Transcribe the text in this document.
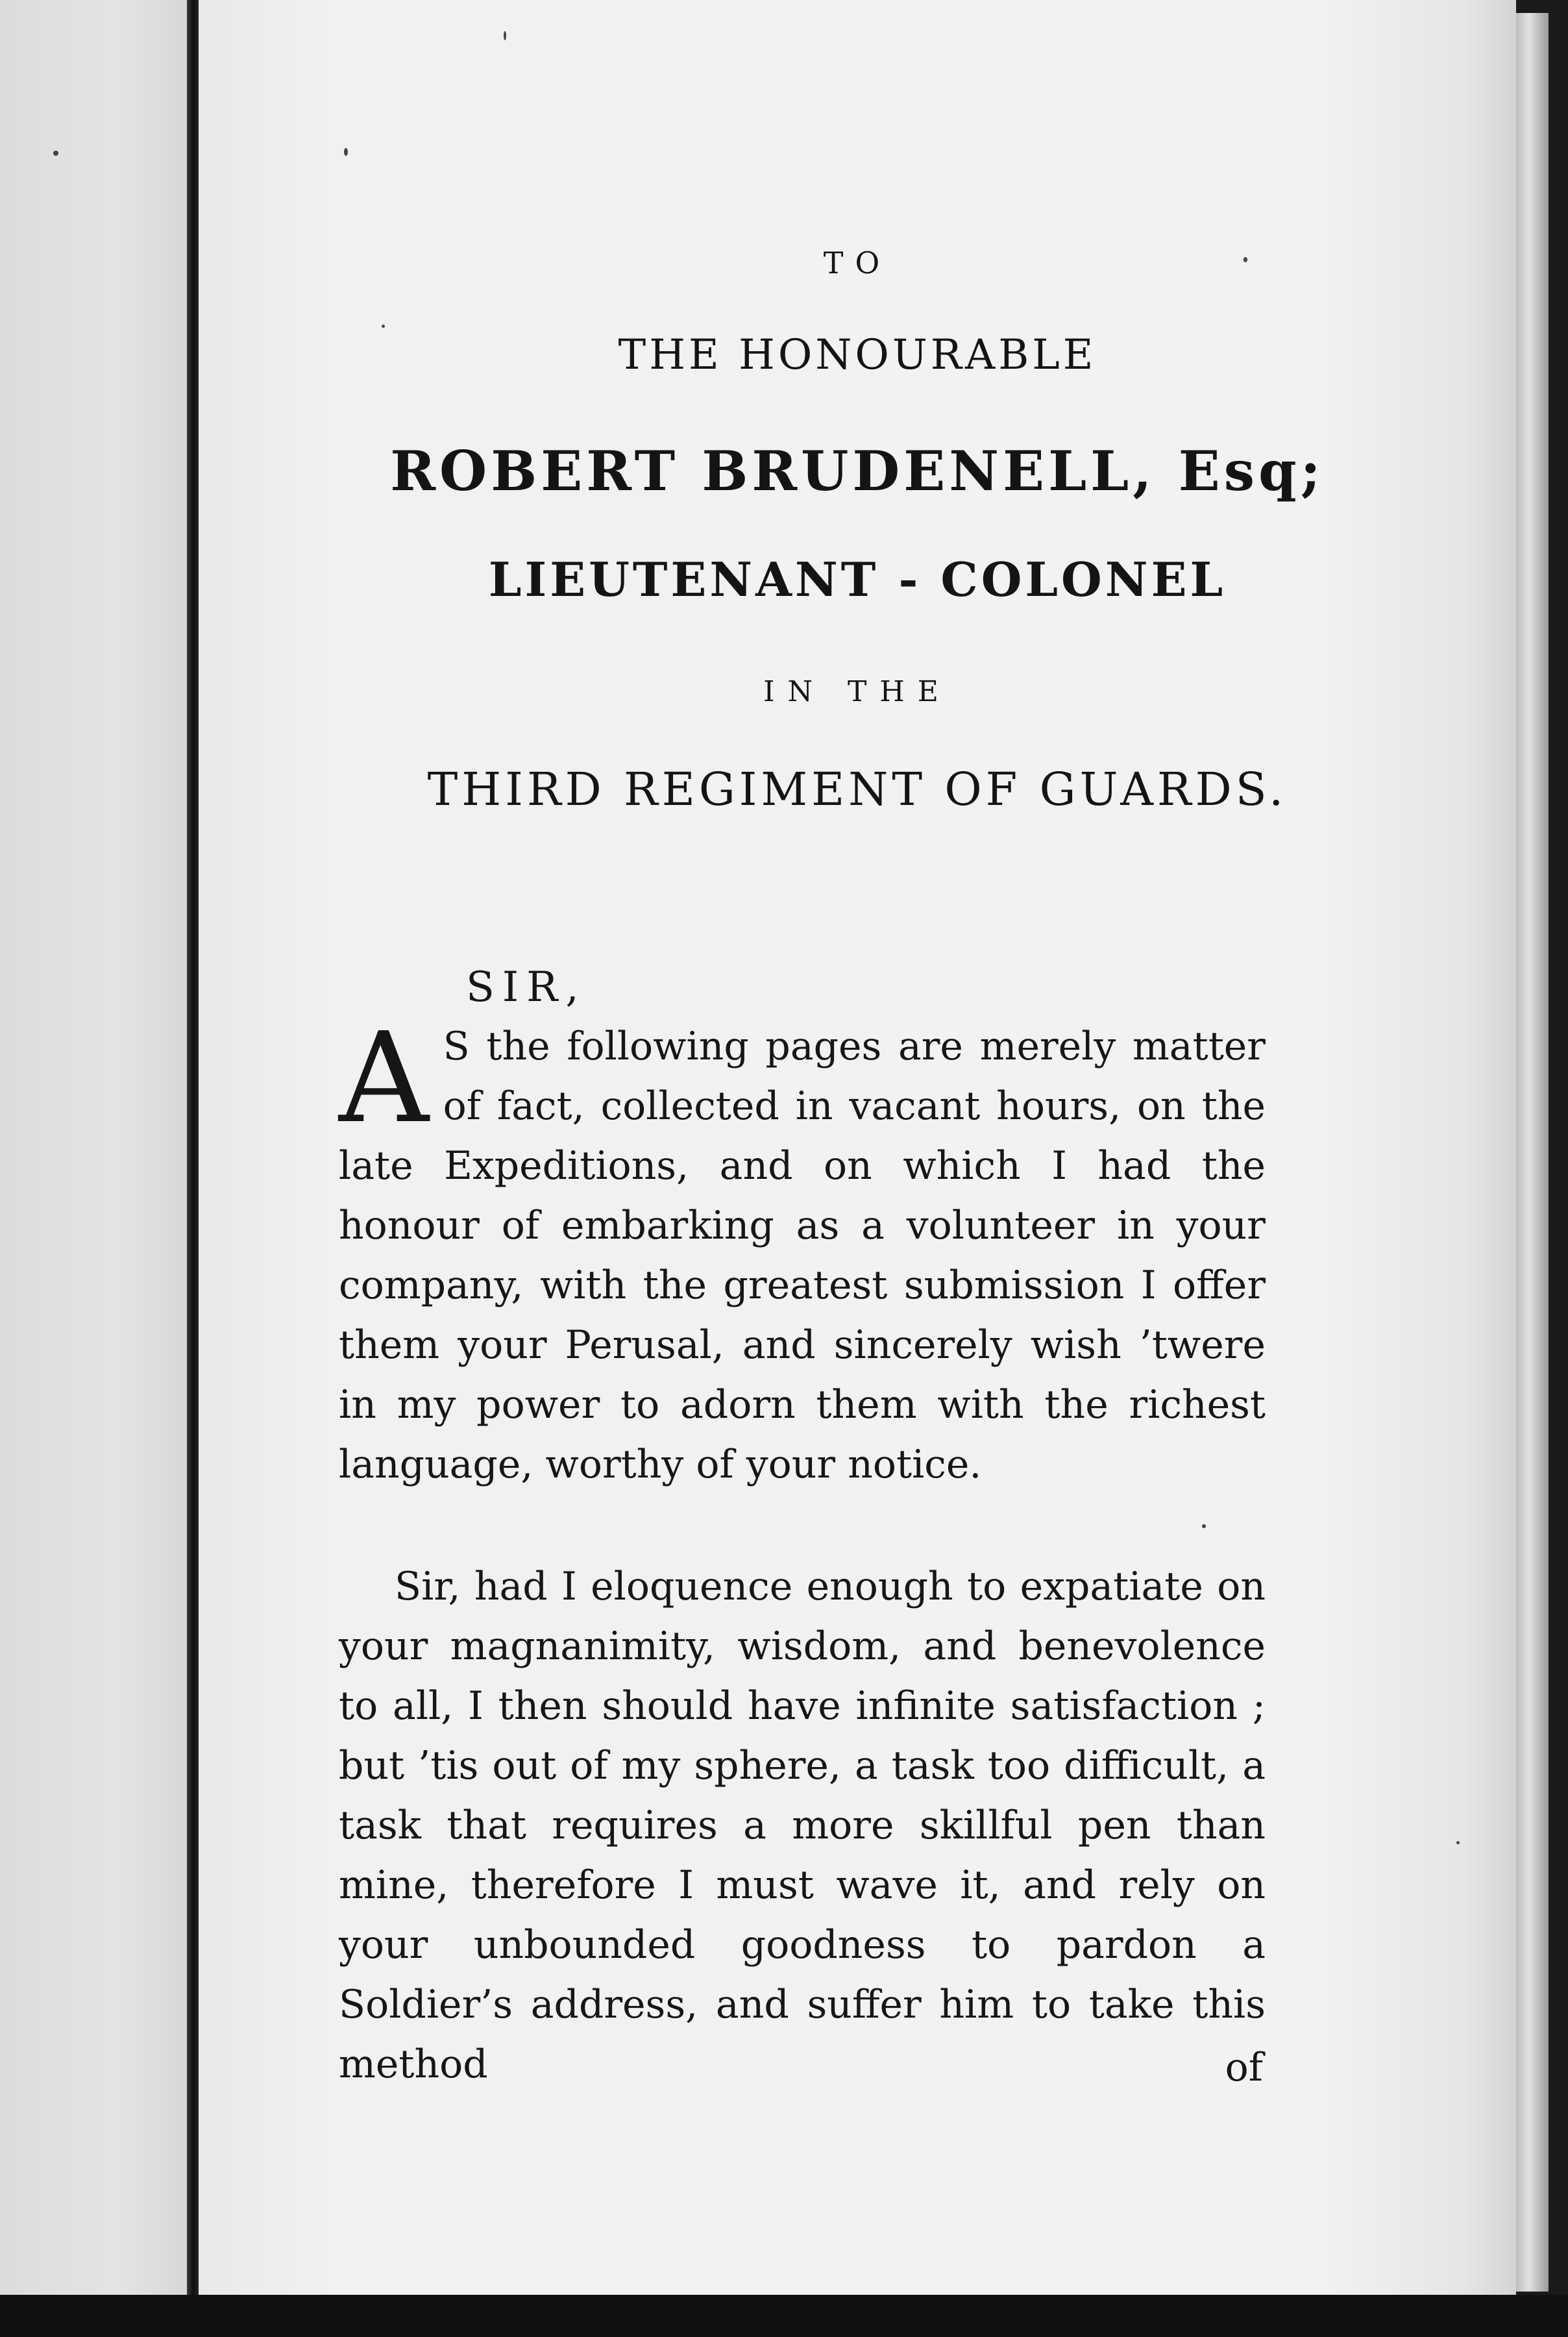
TO
THE HONOURABLE
ROBERT BRUDENELL, Esq;
LIEUTENANT - COLONEL
IN THE
THIRD REGIMENT OF GUARDS.
SIR,
A S the following pages are merely matter of fact, collected in vacant hours, on the late Expeditions, and on which I had the honour of embarking as a volunteer in your company, with the greatest submission I offer them your Perusal, and sincerely wish ’twere in my power to adorn them with the richest language, worthy of your notice.
Sir, had I eloquence enough to expatiate on your magnanimity, wisdom, and benevolence to all, I then should have infinite satisfaction ; but ’tis out of my sphere, a task too difficult, a task that requires a more skillful pen than mine, therefore I must wave it, and rely on your unbounded goodness to pardon a Soldier’s address, and suffer him to take this method	of
